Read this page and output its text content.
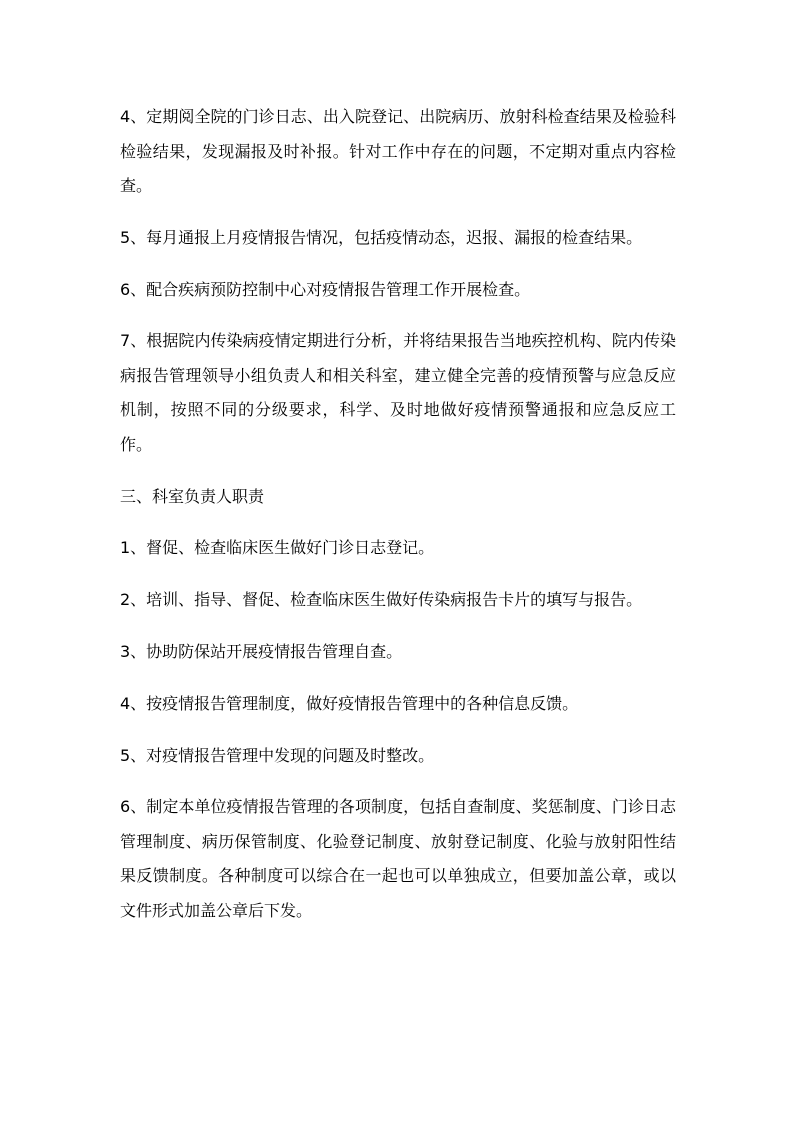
4、定期阅全院的门诊日志、出入院登记、出院病历、放射科检查结果及检验科检验结果，发现漏报及时补报。针对工作中存在的问题，不定期对重点内容检查。

5、每月通报上月疫情报告情况，包括疫情动态，迟报、漏报的检查结果。

6、配合疾病预防控制中心对疫情报告管理工作开展检查。

7、根据院内传染病疫情定期进行分析，并将结果报告当地疾控机构、院内传染病报告管理领导小组负责人和相关科室，建立健全完善的疫情预警与应急反应机制，按照不同的分级要求，科学、及时地做好疫情预警通报和应急反应工作。

三、科室负责人职责

1、督促、检查临床医生做好门诊日志登记。

2、培训、指导、督促、检查临床医生做好传染病报告卡片的填写与报告。

3、协助防保站开展疫情报告管理自查。

4、按疫情报告管理制度，做好疫情报告管理中的各种信息反馈。

5、对疫情报告管理中发现的问题及时整改。

6、制定本单位疫情报告管理的各项制度，包括自查制度、奖惩制度、门诊日志管理制度、病历保管制度、化验登记制度、放射登记制度、化验与放射阳性结果反馈制度。各种制度可以综合在一起也可以单独成立，但要加盖公章，或以文件形式加盖公章后下发。
